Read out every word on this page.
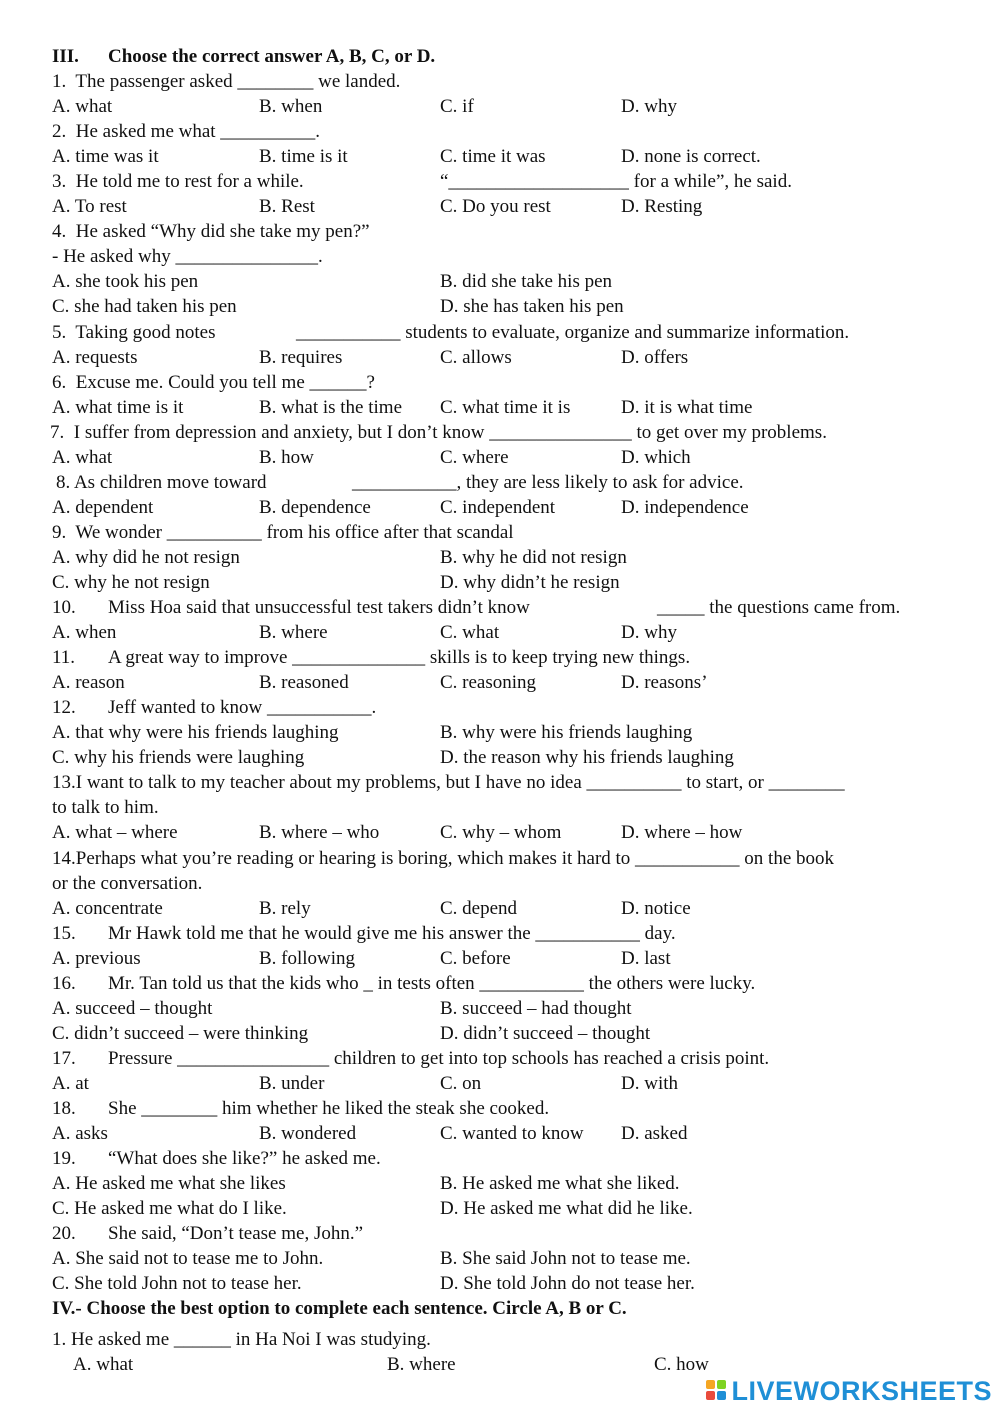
III. Choose the correct answer A, B, C, or D.
1.  The passenger asked ________ we landed.
A. what	B. when	C. if	D. why
2.  He asked me what __________.
A. time was it	B. time is it	C. time it was	D. none is correct.
3.  He told me to rest for a while.	“___________________ for a while”, he said.
A. To rest	B. Rest	C. Do you rest	D. Resting
4.  He asked “Why did she take my pen?”
- He asked why _______________.
A. she took his pen	B. did she take his pen
C. she had taken his pen	D. she has taken his pen
5.  Taking good notes	___________ students to evaluate, organize and summarize information.
A. requests	B. requires	C. allows	D. offers
6.  Excuse me. Could you tell me ______?
A. what time is it	B. what is the time C. what time it is	D. it is what time
7.  I suffer from depression and anxiety, but I don’t know _______________ to get over my problems.
A. what	B. how	C. where	D. which
8. As children move toward	___________, they are less likely to ask for advice.
A. dependent	B. dependence	C. independent	D. independence
9.  We wonder __________ from his office after that scandal
A. why did he not resign	B. why he did not resign
C. why he not resign	D. why didn’t he resign
10. Miss Hoa said that unsuccessful test takers didn’t know	_____ the questions came from.
A. when	B. where	C. what	D. why
11. A great way to improve ______________ skills is to keep trying new things.
A. reason	B. reasoned	C. reasoning	D. reasons’
12. Jeff wanted to know ___________.
A. that why were his friends laughing	B. why were his friends laughing
C. why his friends were laughing	D. the reason why his friends laughing
13.I want to talk to my teacher about my problems, but I have no idea __________ to start, or ________
to talk to him.
A. what – where	B. where – who	C. why – whom	D. where – how
14.Perhaps what you’re reading or hearing is boring, which makes it hard to ___________ on the book
or the conversation.
A. concentrate	B. rely	C. depend	D. notice
15. Mr Hawk told me that he would give me his answer the ___________ day.
A. previous	B. following	C. before	D. last
16. Mr. Tan told us that the kids who _ in tests often ___________ the others were lucky.
A. succeed – thought	B. succeed – had thought
C. didn’t succeed – were thinking	D. didn’t succeed – thought
17. Pressure ________________ children to get into top schools has reached a crisis point.
A. at	B. under	C. on	D. with
18. She ________ him whether he liked the steak she cooked.
A. asks	B. wondered	C. wanted to know D. asked
19. “What does she like?” he asked me.
A. He asked me what she likes	B. He asked me what she liked.
C. He asked me what do I like.	D. He asked me what did he like.
20. She said, “Don’t tease me, John.”
A. She said not to tease me to John.	B. She said John not to tease me.
C. She told John not to tease her.	D. She told John do not tease her.
IV.- Choose the best option to complete each sentence. Circle A, B or C.
1. He asked me ______ in Ha Noi I was studying.
A. what	B. where	C. how
LIVEWORKSHEETS
